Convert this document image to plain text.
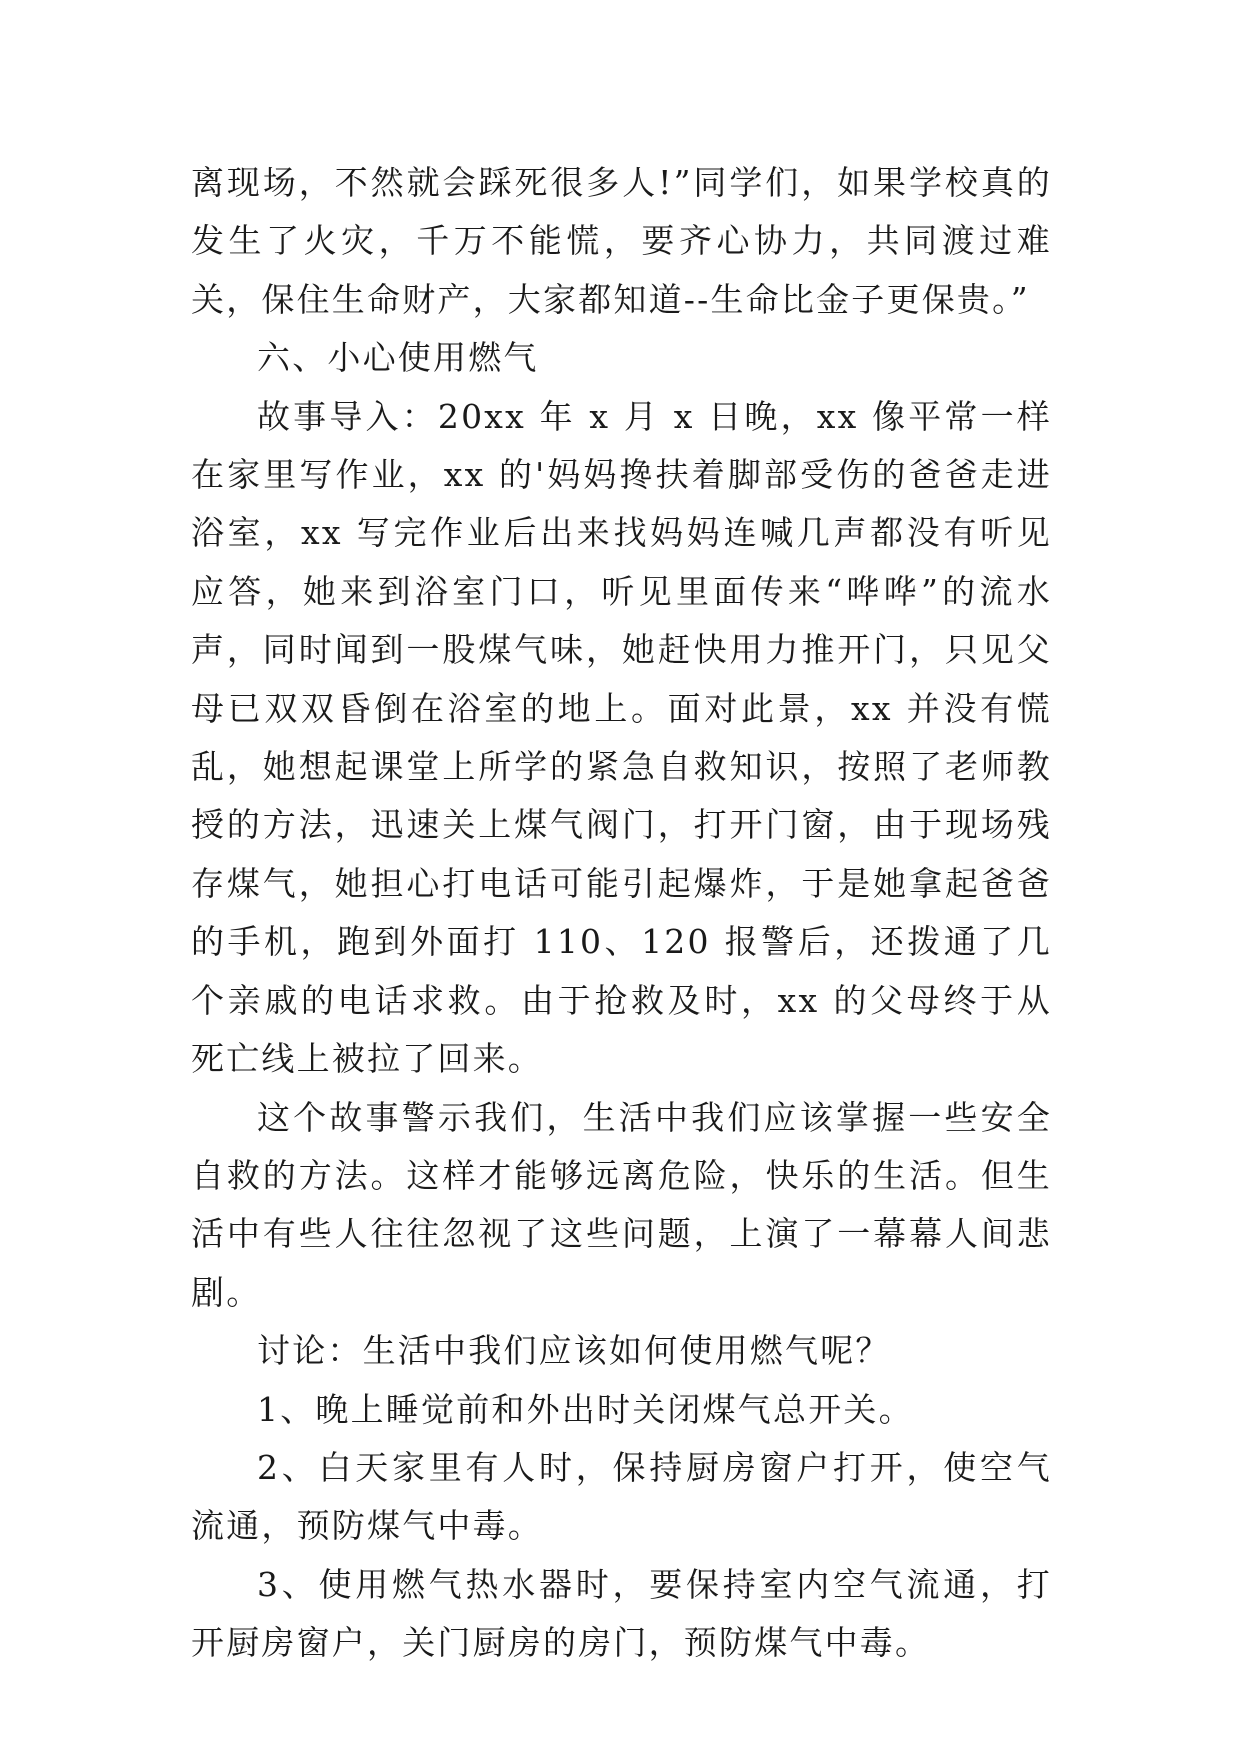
离现场，不然就会踩死很多人!”同学们，如果学校真的发生了火灾，千万不能慌，要齐心协力，共同渡过难关，保住生命财产，大家都知道--生命比金子更保贵。”

六、小心使用燃气

故事导入：20xx 年 x 月 x 日晚，xx 像平常一样在家里写作业，xx 的'妈妈搀扶着脚部受伤的爸爸走进浴室，xx 写完作业后出来找妈妈连喊几声都没有听见应答，她来到浴室门口，听见里面传来“哗哗”的流水声，同时闻到一股煤气味，她赶快用力推开门，只见父母已双双昏倒在浴室的地上。面对此景，xx 并没有慌乱，她想起课堂上所学的紧急自救知识，按照了老师教授的方法，迅速关上煤气阀门，打开门窗，由于现场残存煤气，她担心打电话可能引起爆炸，于是她拿起爸爸的手机，跑到外面打 110、120 报警后，还拨通了几个亲戚的电话求救。由于抢救及时，xx 的父母终于从死亡线上被拉了回来。

这个故事警示我们，生活中我们应该掌握一些安全自救的方法。这样才能够远离危险，快乐的生活。但生活中有些人往往忽视了这些问题，上演了一幕幕人间悲剧。

讨论：生活中我们应该如何使用燃气呢？

1、晚上睡觉前和外出时关闭煤气总开关。

2、白天家里有人时，保持厨房窗户打开，使空气流通，预防煤气中毒。

3、使用燃气热水器时，要保持室内空气流通，打开厨房窗户，关门厨房的房门，预防煤气中毒。
